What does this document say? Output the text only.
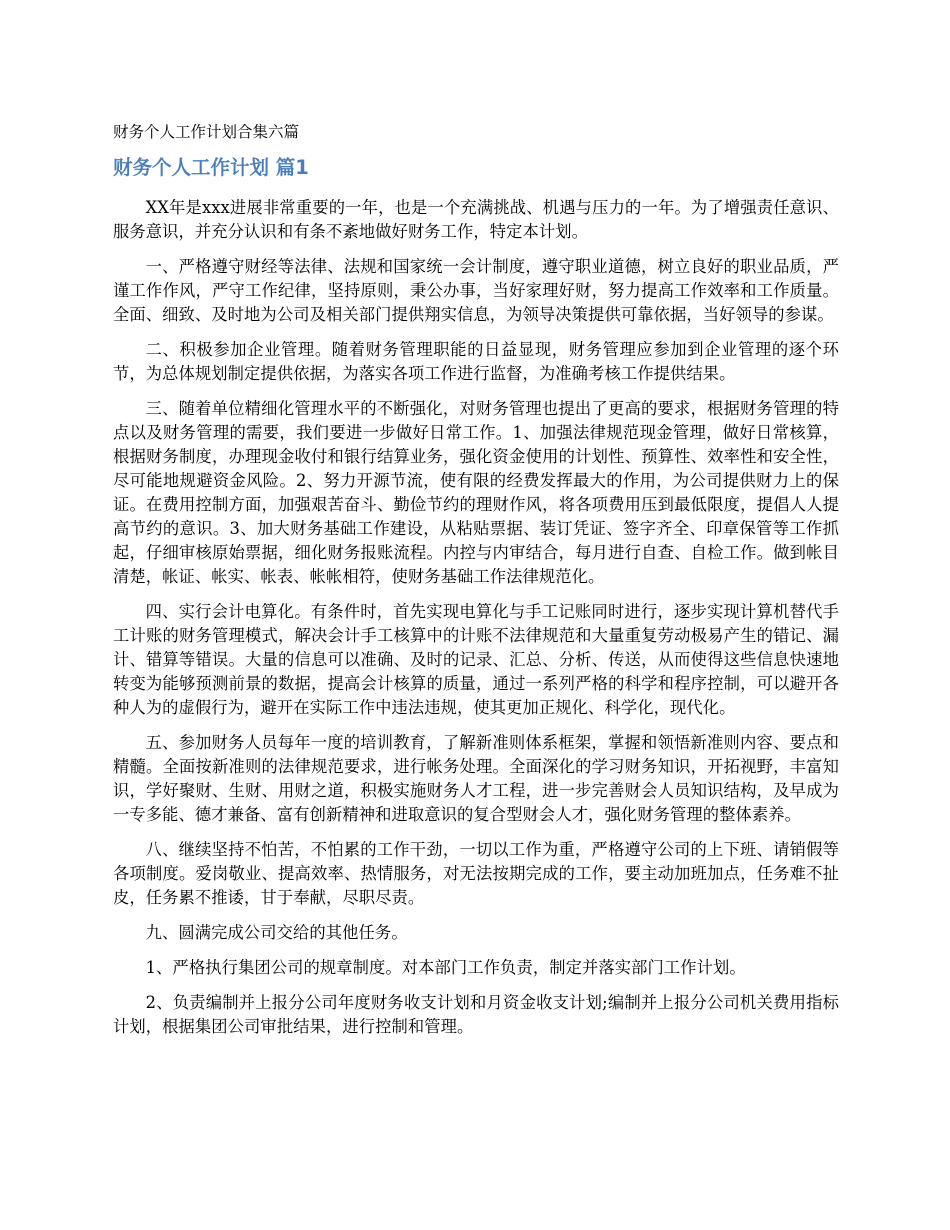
财务个人工作计划合集六篇
财务个人工作计划 篇1

XX年是xxx进展非常重要的一年，也是一个充满挑战、机遇与压力的一年。为了增强责任意识、服务意识，并充分认识和有条不紊地做好财务工作，特定本计划。

一、严格遵守财经等法律、法规和国家统一会计制度，遵守职业道德，树立良好的职业品质，严谨工作作风，严守工作纪律，坚持原则，秉公办事，当好家理好财，努力提高工作效率和工作质量。全面、细致、及时地为公司及相关部门提供翔实信息，为领导决策提供可靠依据，当好领导的参谋。

二、积极参加企业管理。随着财务管理职能的日益显现，财务管理应参加到企业管理的逐个环节，为总体规划制定提供依据，为落实各项工作进行监督，为准确考核工作提供结果。

三、随着单位精细化管理水平的不断强化，对财务管理也提出了更高的要求，根据财务管理的特点以及财务管理的需要，我们要进一步做好日常工作。1、加强法律规范现金管理，做好日常核算，根据财务制度，办理现金收付和银行结算业务，强化资金使用的计划性、预算性、效率性和安全性，尽可能地规避资金风险。2、努力开源节流，使有限的经费发挥最大的作用，为公司提供财力上的保证。在费用控制方面，加强艰苦奋斗、勤俭节约的理财作风，将各项费用压到最低限度，提倡人人提高节约的意识。3、加大财务基础工作建设，从粘贴票据、装订凭证、签字齐全、印章保管等工作抓起，仔细审核原始票据，细化财务报账流程。内控与内审结合，每月进行自查、自检工作。做到帐目清楚，帐证、帐实、帐表、帐帐相符，使财务基础工作法律规范化。

四、实行会计电算化。有条件时，首先实现电算化与手工记账同时进行，逐步实现计算机替代手工计账的财务管理模式，解决会计手工核算中的计账不法律规范和大量重复劳动极易产生的错记、漏计、错算等错误。大量的信息可以准确、及时的记录、汇总、分析、传送，从而使得这些信息快速地转变为能够预测前景的数据，提高会计核算的质量，通过一系列严格的科学和程序控制，可以避开各种人为的虚假行为，避开在实际工作中违法违规，使其更加正规化、科学化，现代化。

五、参加财务人员每年一度的培训教育，了解新准则体系框架，掌握和领悟新准则内容、要点和精髓。全面按新准则的法律规范要求，进行帐务处理。全面深化的学习财务知识，开拓视野，丰富知识，学好聚财、生财、用财之道，积极实施财务人才工程，进一步完善财会人员知识结构，及早成为一专多能、德才兼备、富有创新精神和进取意识的复合型财会人才，强化财务管理的整体素养。

八、继续坚持不怕苦，不怕累的工作干劲，一切以工作为重，严格遵守公司的上下班、请销假等各项制度。爱岗敬业、提高效率、热情服务，对无法按期完成的工作，要主动加班加点，任务难不扯皮，任务累不推诿，甘于奉献，尽职尽责。

九、圆满完成公司交给的其他任务。

1、严格执行集团公司的规章制度。对本部门工作负责，制定并落实部门工作计划。

2、负责编制并上报分公司年度财务收支计划和月资金收支计划;编制并上报分公司机关费用指标计划，根据集团公司审批结果，进行控制和管理。
